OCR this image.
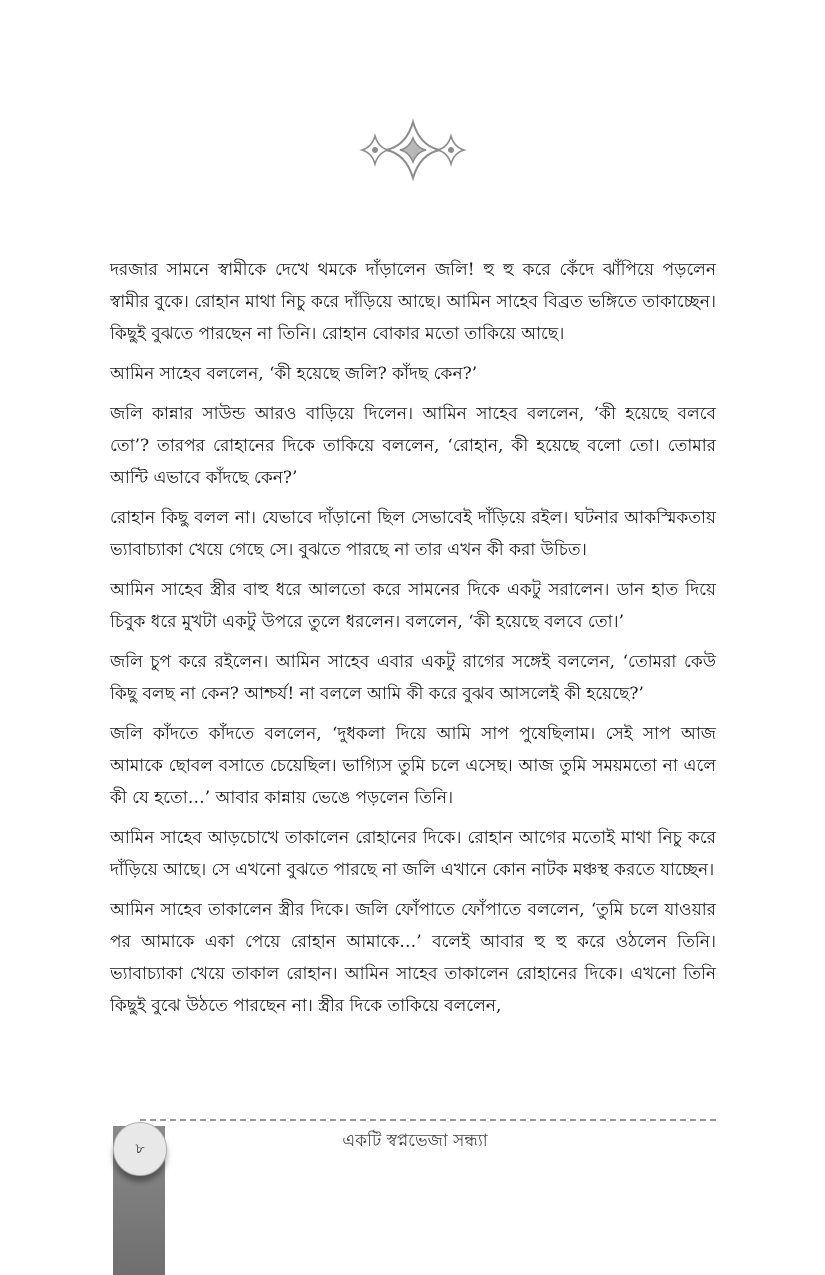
দরজার সামনে স্বামীকে দেখে থমকে দাঁড়ালেন জলি! হু হু করে কেঁদে ঝাঁপিয়ে পড়লেন স্বামীর বুকে। রোহান মাথা নিচু করে দাঁড়িয়ে আছে। আমিন সাহেব বিব্রত ভঙ্গিতে তাকাচ্ছেন। কিছুই বুঝতে পারছেন না তিনি। রোহান বোকার মতো তাকিয়ে আছে।

আমিন সাহেব বললেন, ‘কী হয়েছে জলি? কাঁদছ কেন?’

জলি কান্নার সাউন্ড আরও বাড়িয়ে দিলেন। আমিন সাহেব বললেন, ‘কী হয়েছে বলবে তো’? তারপর রোহানের দিকে তাকিয়ে বললেন, ‘রোহান, কী হয়েছে বলো তো। তোমার আন্টি এভাবে কাঁদছে কেন?’

রোহান কিছু বলল না। যেভাবে দাঁড়ানো ছিল সেভাবেই দাঁড়িয়ে রইল। ঘটনার আকস্মিকতায় ভ্যাবাচ্যাকা খেয়ে গেছে সে। বুঝতে পারছে না তার এখন কী করা উচিত।

আমিন সাহেব স্ত্রীর বাহু ধরে আলতো করে সামনের দিকে একটু সরালেন। ডান হাত দিয়ে চিবুক ধরে মুখটা একটু উপরে তুলে ধরলেন। বললেন, ‘কী হয়েছে বলবে তো।’

জলি চুপ করে রইলেন। আমিন সাহেব এবার একটু রাগের সঙ্গেই বললেন, ‘তোমরা কেউ কিছু বলছ না কেন? আশ্চর্য! না বললে আমি কী করে বুঝব আসলেই কী হয়েছে?’

জলি কাঁদতে কাঁদতে বললেন, ‘দুধকলা দিয়ে আমি সাপ পুষেছিলাম। সেই সাপ আজ আমাকে ছোবল বসাতে চেয়েছিল। ভাগ্যিস তুমি চলে এসেছ। আজ তুমি সময়মতো না এলে কী যে হতো…’ আবার কান্নায় ভেঙে পড়লেন তিনি।

আমিন সাহেব আড়চোখে তাকালেন রোহানের দিকে। রোহান আগের মতোই মাথা নিচু করে দাঁড়িয়ে আছে। সে এখনো বুঝতে পারছে না জলি এখানে কোন নাটক মঞ্চস্থ করতে যাচ্ছেন।

আমিন সাহেব তাকালেন স্ত্রীর দিকে। জলি ফোঁপাতে ফোঁপাতে বললেন, ‘তুমি চলে যাওয়ার পর আমাকে একা পেয়ে রোহান আমাকে…’ বলেই আবার হু হু করে ওঠলেন তিনি। ভ্যাবাচ্যাকা খেয়ে তাকাল রোহান। আমিন সাহেব তাকালেন রোহানের দিকে। এখনো তিনি কিছুই বুঝে উঠতে পারছেন না। স্ত্রীর দিকে তাকিয়ে বললেন,

৮	একটি স্বপ্নভেজা সন্ধ্যা
